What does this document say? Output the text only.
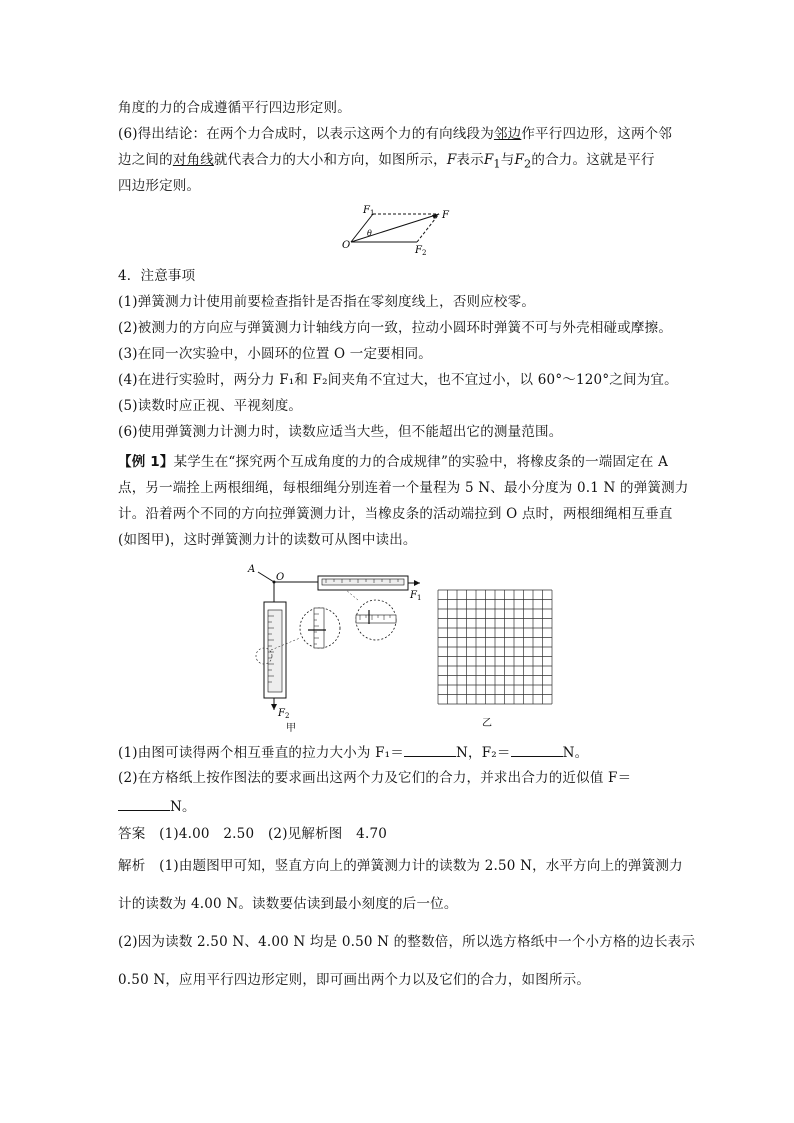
角度的力的合成遵循平行四边形定则。
(6)得出结论：在两个力合成时，以表示这两个力的有向线段为邻边作平行四边形，这两个邻
边之间的对角线就代表合力的大小和方向，如图所示，F表示$F_1$与$F_2$的合力。这就是平行
四边形定则。
F 1	F
F 2
O
θ
4．注意事项
(1)弹簧测力计使用前要检查指针是否指在零刻度线上，否则应校零。
(2)被测力的方向应与弹簧测力计轴线方向一致，拉动小圆环时弹簧不可与外壳相碰或摩擦。
(3)在同一次实验中，小圆环的位置 O 一定要相同。
(4)在进行实验时，两分力 F₁和 F₂间夹角不宜过大，也不宜过小，以 60°～120°之间为宜。
(5)读数时应正视、平视刻度。
(6)使用弹簧测力计测力时，读数应适当大些，但不能超出它的测量范围。
【例 1】某学生在“探究两个互成角度的力的合成规律”的实验中，将橡皮条的一端固定在 A
点，另一端拴上两根细绳，每根细绳分别连着一个量程为 5 N、最小分度为 0.1 N 的弹簧测力
计。沿着两个不同的方向拉弹簧测力计，当橡皮条的活动端拉到 O 点时，两根细绳相互垂直
(如图甲)，这时弹簧测力计的读数可从图中读出。
A
O
F 1
F 2
甲	乙
(1)由图可读得两个相互垂直的拉力大小为 F₁＝	N，F₂＝	N。
(2)在方格纸上按作图法的要求画出这两个力及它们的合力，并求出合力的近似值 F＝
N。
答案　 (1)4.00　2.50　(2)见解析图　4.70
解析　 (1)由题图甲可知，竖直方向上的弹簧测力计的读数为 2.50 N，水平方向上的弹簧测力
计的读数为 4.00 N。读数要估读到最小刻度的后一位。
(2)因为读数 2.50 N、4.00 N 均是 0.50 N 的整数倍，所以选方格纸中一个小方格的边长表示
0.50 N，应用平行四边形定则，即可画出两个力以及它们的合力，如图所示。
